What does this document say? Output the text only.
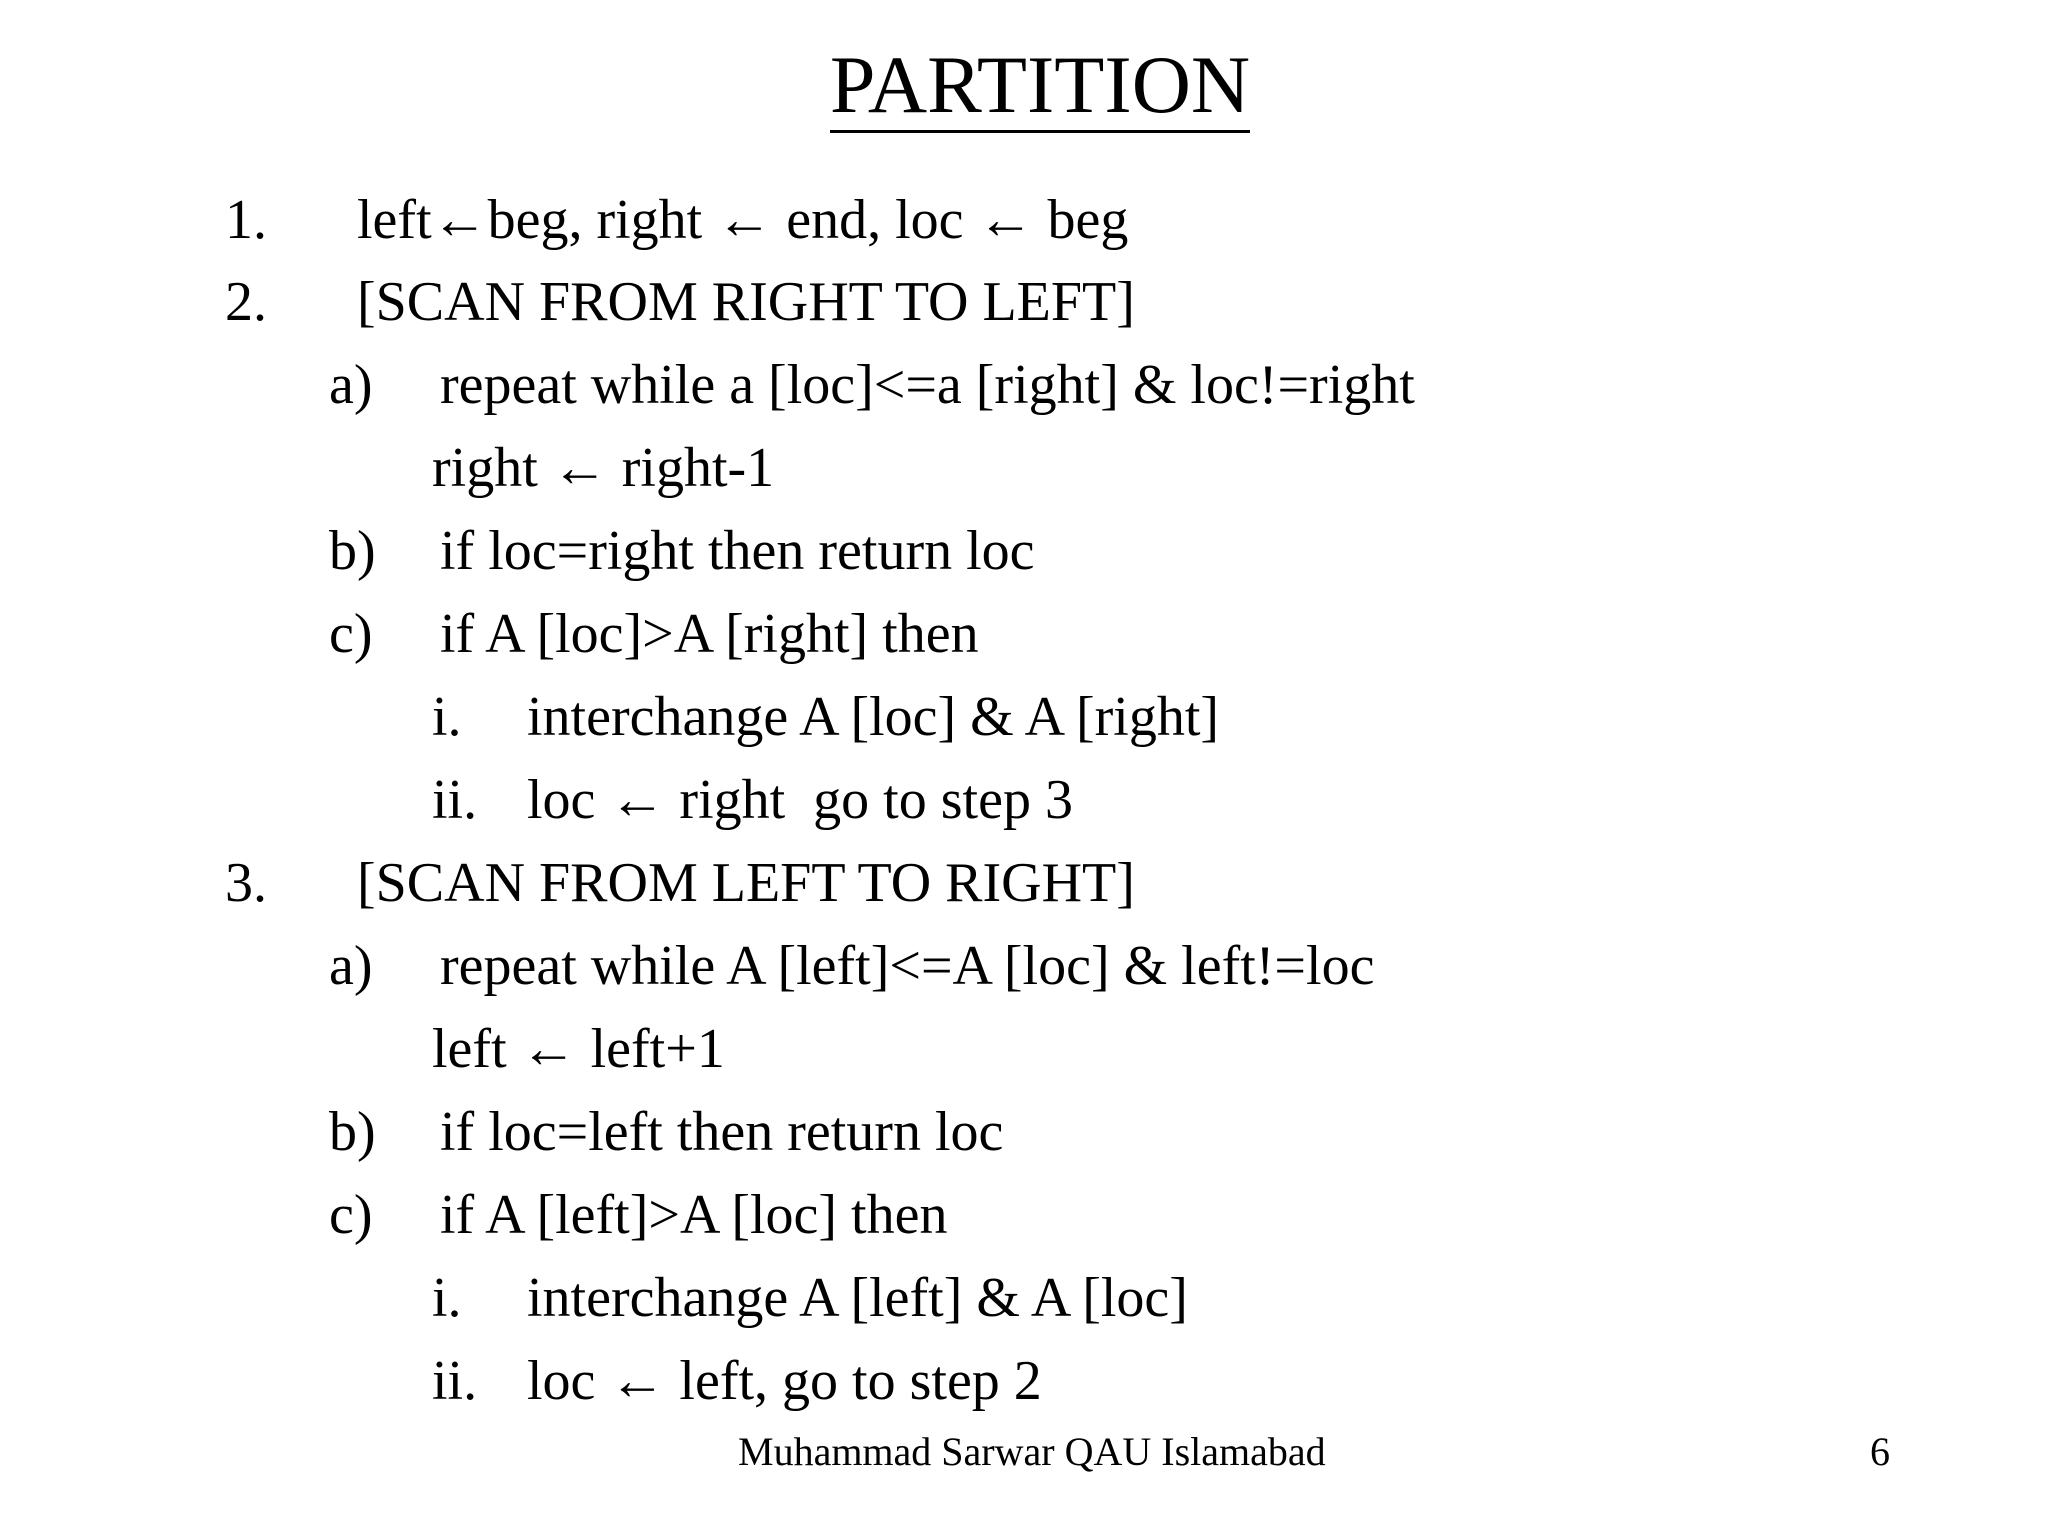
PARTITION
1. left←beg, right ← end, loc ← beg
2. [SCAN FROM RIGHT TO LEFT]
a) repeat while a [loc]<=a [right] & loc!=right
right ← right-1
b) if loc=right then return loc
c) if A [loc]>A [right] then
i. interchange A [loc] & A [right]
ii. loc ← right  go to step 3
3. [SCAN FROM LEFT TO RIGHT]
a) repeat while A [left]<=A [loc] & left!=loc
left ← left+1
b) if loc=left then return loc
c) if A [left]>A [loc] then
i. interchange A [left] & A [loc]
ii. loc ← left, go to step 2
Muhammad Sarwar QAU Islamabad	6
